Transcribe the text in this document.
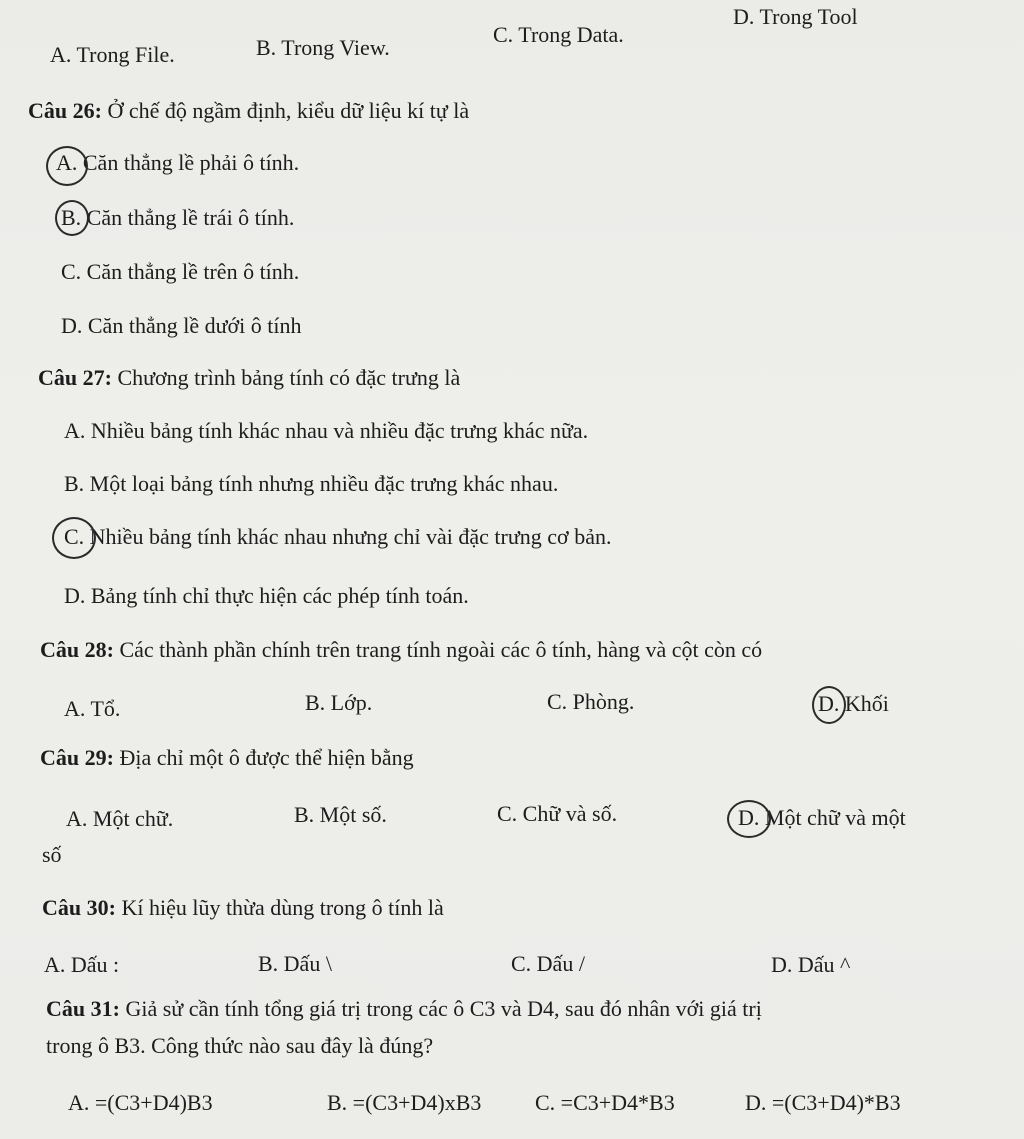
A. Trong File.	B. Trong View.
C. Trong Data.
D. Trong Tool
Câu 26: Ở chế độ ngầm định, kiểu dữ liệu kí tự là
A. Căn thẳng lề phải ô tính.
B. Căn thẳng lề trái ô tính.
C. Căn thẳng lề trên ô tính.
D. Căn thẳng lề dưới ô tính
Câu 27: Chương trình bảng tính có đặc trưng là
A. Nhiều bảng tính khác nhau và nhiều đặc trưng khác nữa.
B. Một loại bảng tính nhưng nhiều đặc trưng khác nhau.
C. Nhiều bảng tính khác nhau nhưng chỉ vài đặc trưng cơ bản.
D. Bảng tính chỉ thực hiện các phép tính toán.
Câu 28: Các thành phần chính trên trang tính ngoài các ô tính, hàng và cột còn có
A. Tổ.	B. Lớp.	C. Phòng.	D. Khối
Câu 29: Địa chỉ một ô được thể hiện bằng
A. Một chữ.	B. Một số.	C. Chữ và số.	D. Một chữ và một
số
Câu 30: Kí hiệu lũy thừa dùng trong ô tính là
A. Dấu :	B. Dấu \	C. Dấu /	D. Dấu ^
Câu 31: Giả sử cần tính tổng giá trị trong các ô C3 và D4, sau đó nhân với giá trị
trong ô B3. Công thức nào sau đây là đúng?
A. =(C3+D4)B3	B. =(C3+D4)xB3 C. =C3+D4*B3	D. =(C3+D4)*B3
